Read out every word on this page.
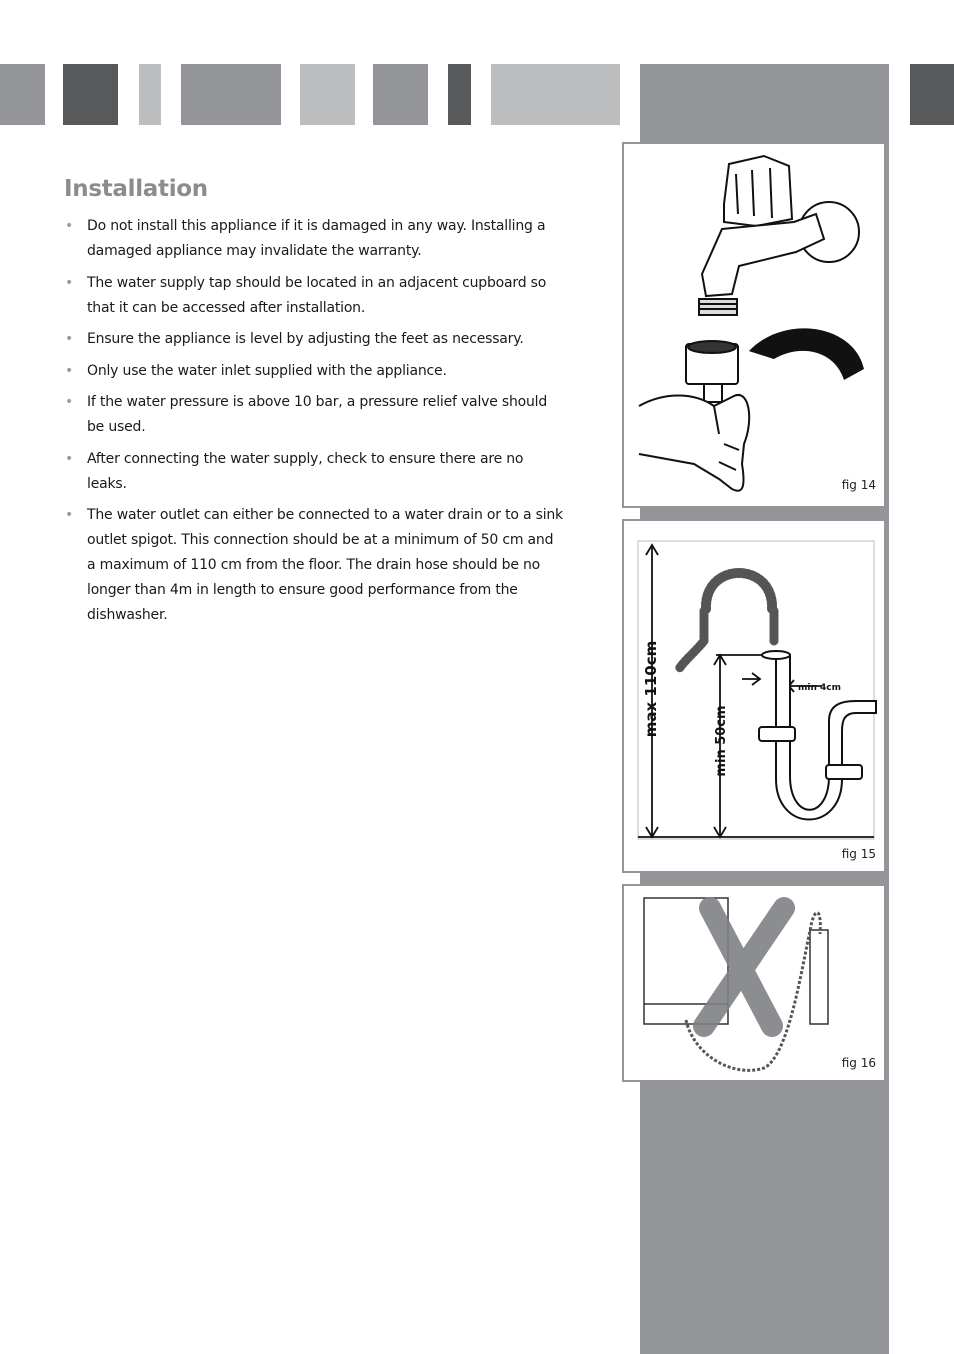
Installation
• Do not install this appliance if it is damaged in any way. Installing a damaged appliance may invalidate the warranty.
• The water supply tap should be located in an adjacent cupboard so that it can be accessed after installation.
• Ensure the appliance is level by adjusting the feet as necessary.
• Only use the water inlet supplied with the appliance.
• If the water pressure is above 10 bar, a pressure relief valve should be used.
• After connecting the water supply, check to ensure there are no leaks.
• The water outlet can either be connected to a water drain or to a sink outlet spigot. This connection should be at a minimum of 50 cm and a maximum of 110 cm from the floor. The drain hose should be no longer than 4m in length to ensure good performance from the dishwasher.
fig 14
max 110cm
min 50cm
min 4cm
fig 15
fig 16
